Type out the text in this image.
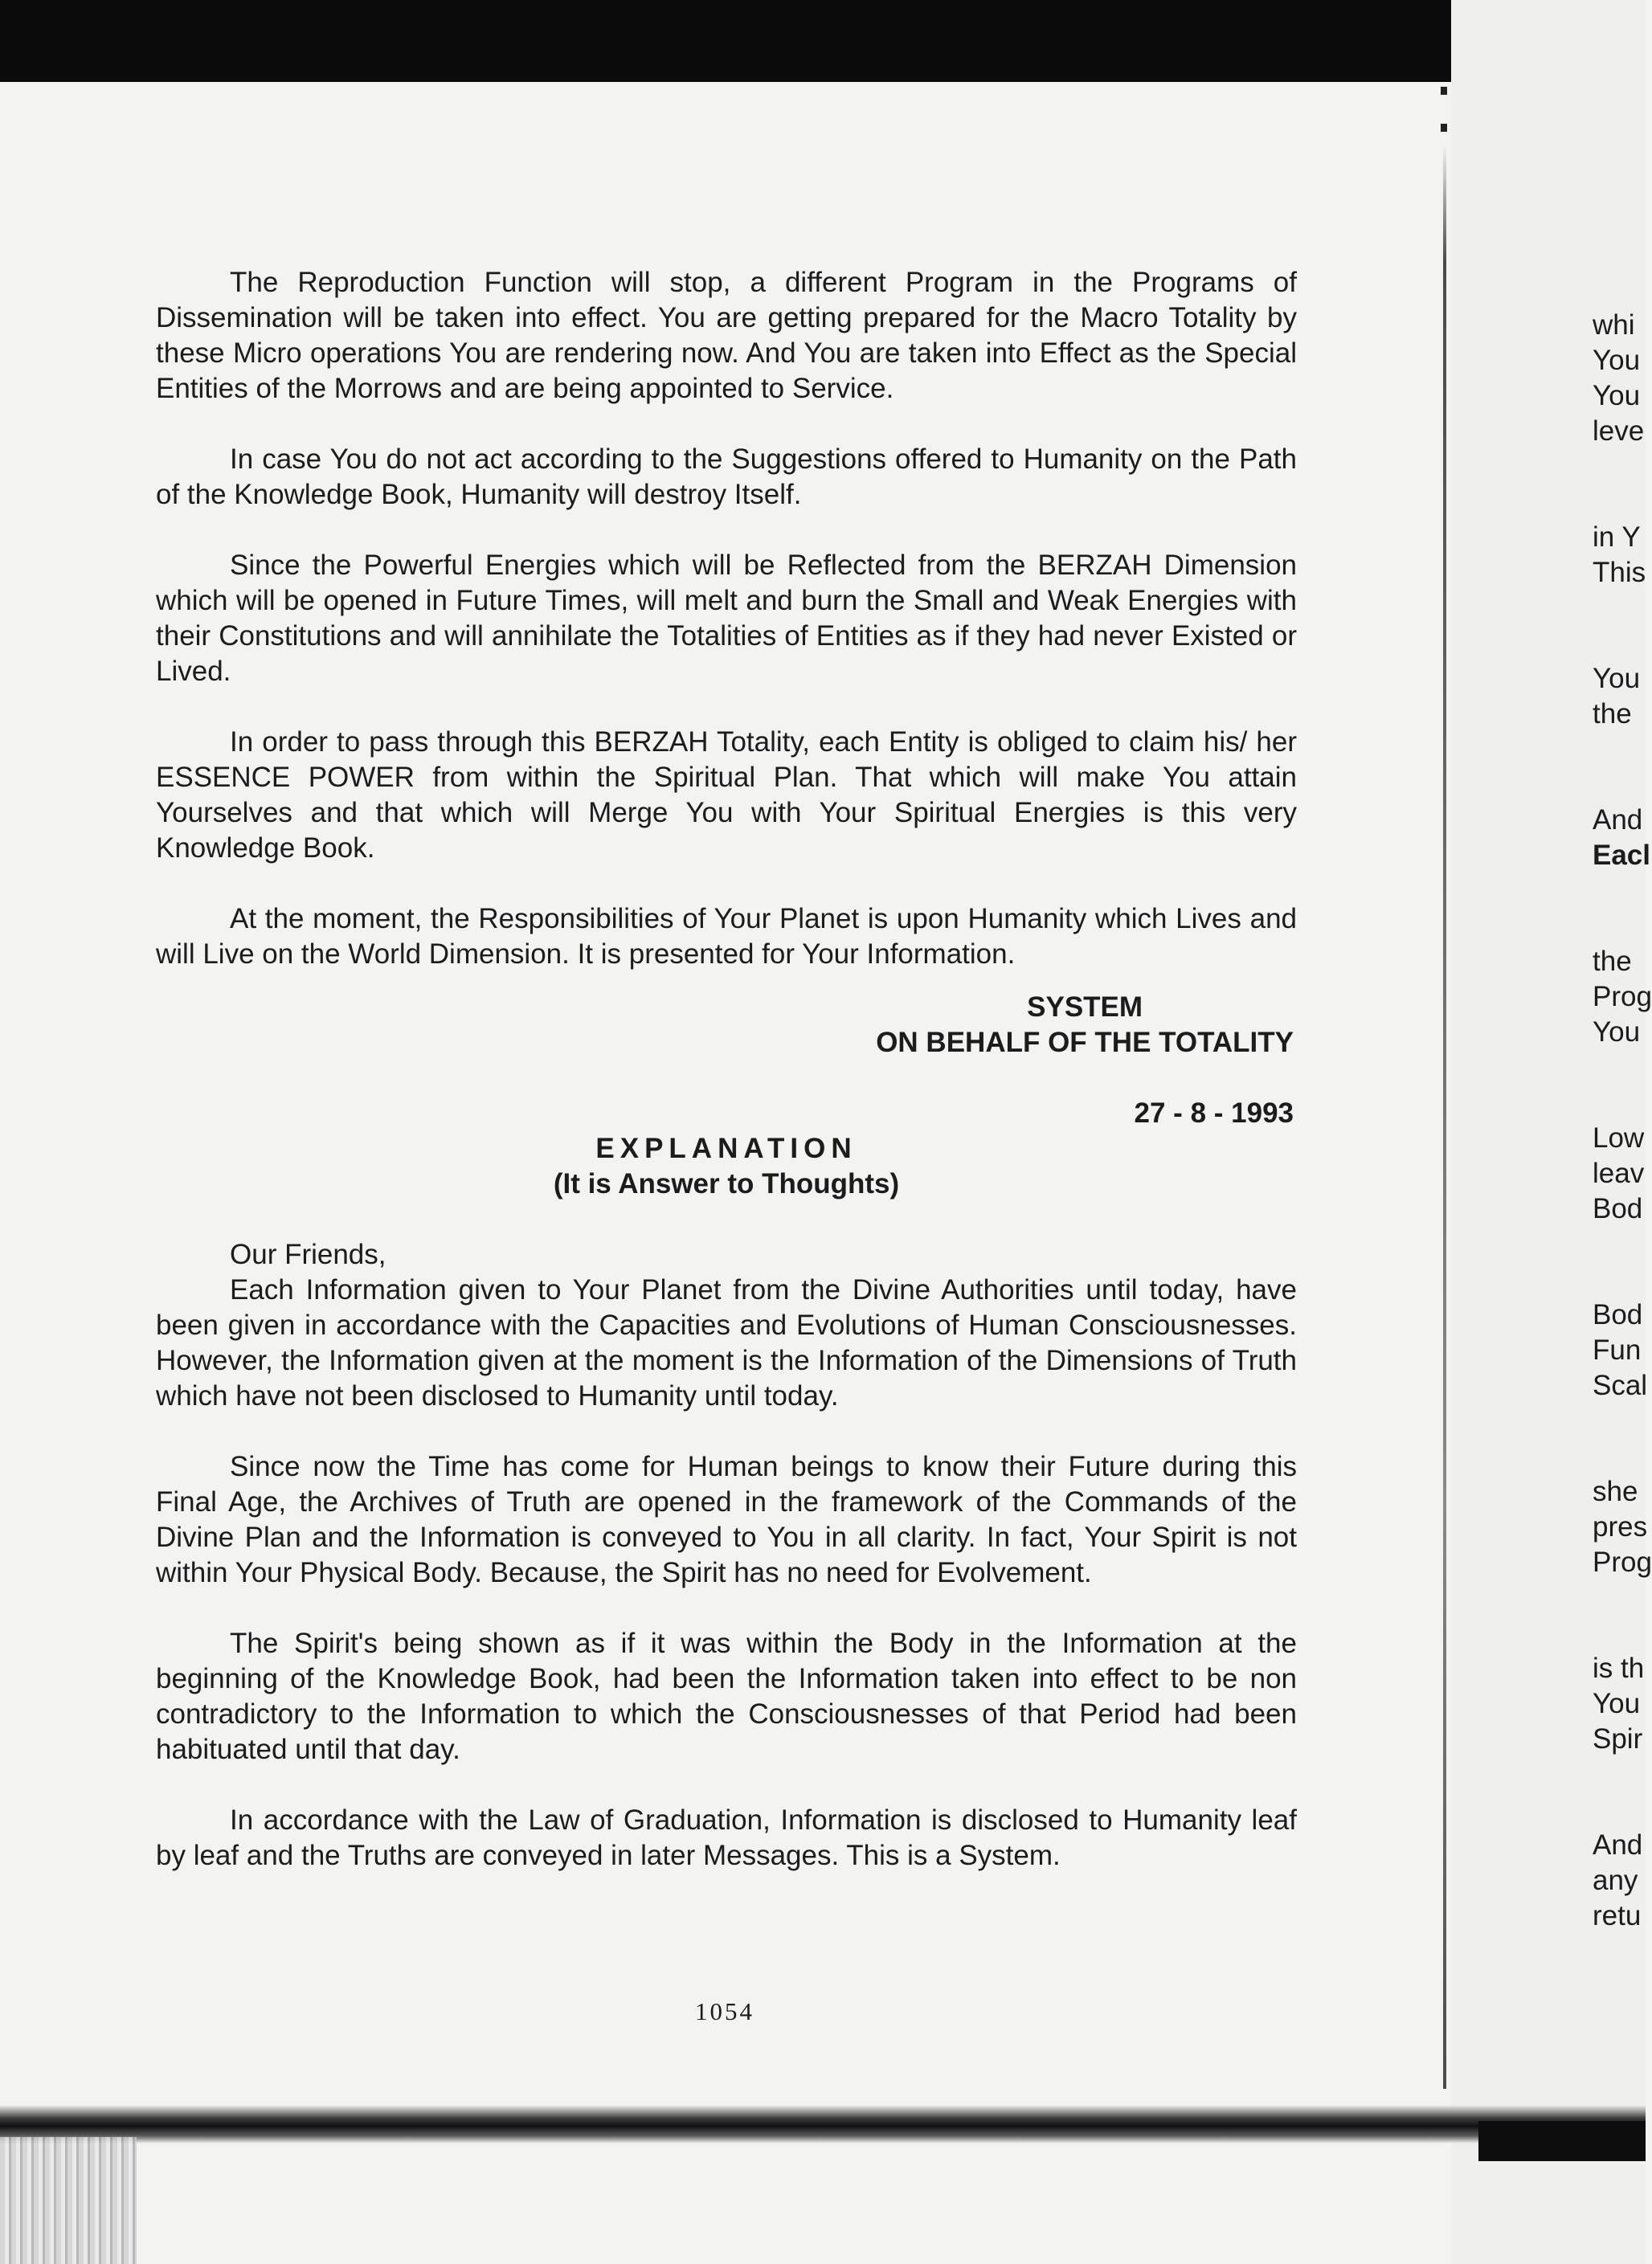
The Reproduction Function will stop, a different Program in the Programs of Dissemination will be taken into effect. You are getting prepared for the Macro Totality by these Micro operations You are rendering now. And You are taken into Effect as the Special Entities of the Morrows and are being appointed to Service.

In case You do not act according to the Suggestions offered to Humanity on the Path of the Knowledge Book, Humanity will destroy Itself.

Since the Powerful Energies which will be Reflected from the BERZAH Dimension which will be opened in Future Times, will melt and burn the Small and Weak Energies with their Constitutions and will annihilate the Totalities of Entities as if they had never Existed or Lived.

In order to pass through this BERZAH Totality, each Entity is obliged to claim his/ her ESSENCE POWER from within the Spiritual Plan. That which will make You attain Yourselves and that which will Merge You with Your Spiritual Energies is this very Knowledge Book.

At the moment, the Responsibilities of Your Planet is upon Humanity which Lives and will Live on the World Dimension. It is presented for Your Information.

SYSTEM
ON BEHALF OF THE TOTALITY

27 - 8 - 1993

EXPLANATION

(It is Answer to Thoughts)

Our Friends,

Each Information given to Your Planet from the Divine Authorities until today, have been given in accordance with the Capacities and Evolutions of Human Consciousnesses. However, the Information given at the moment is the Information of the Dimensions of Truth which have not been disclosed to Humanity until today.

Since now the Time has come for Human beings to know their Future during this Final Age, the Archives of Truth are opened in the framework of the Commands of the Divine Plan and the Information is conveyed to You in all clarity. In fact, Your Spirit is not within Your Physical Body. Because, the Spirit has no need for Evolvement.

The Spirit's being shown as if it was within the Body in the Information at the beginning of the Knowledge Book, had been the Information taken into effect to be non contradictory to the Information to which the Consciousnesses of that Period had been habituated until that day.

In accordance with the Law of Graduation, Information is disclosed to Humanity leaf by leaf and the Truths are conveyed in later Messages. This is a System.

1054
whi
You
You
leve
in Y
This
You
the
And
Eacl
the
Prog
You
Low
leav
Bod
Bod
Fun
Scal
she
pres
Prog
is th
You
Spir
And
any
retu
